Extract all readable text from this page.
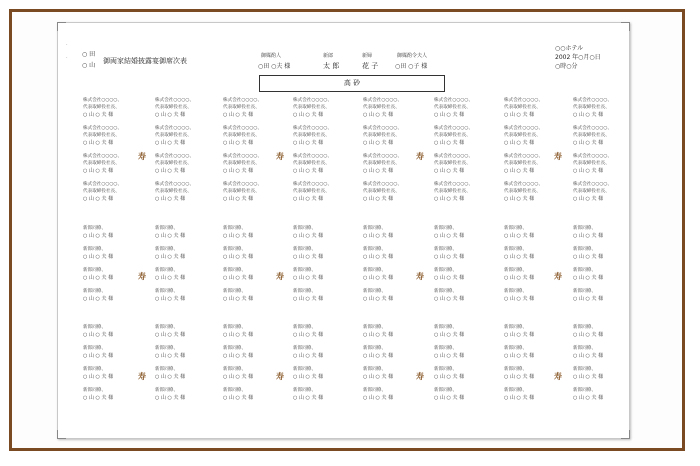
·
· ○ 田
○ 山
御両家結婚披露宴御席次表
御媒酌人
○田 ○夫 様
新郎
太 郎
新婦
花 子
御媒酌令夫人
○田 ○子 様
○○ホテル
2002 年○月○日
○時○分
高 砂
株式会社○○○○、
代表取締役社長、
○ 山 ○ 夫 様
株式会社○○○○、
代表取締役社長、
○ 山 ○ 夫 様
株式会社○○○○、
代表取締役社長、
○ 山 ○ 夫 様
株式会社○○○○、
代表取締役社長、
○ 山 ○ 夫 様
株式会社○○○○、
代表取締役社長、
○ 山 ○ 夫 様
株式会社○○○○、
代表取締役社長、
○ 山 ○ 夫 様
株式会社○○○○、
代表取締役社長、
○ 山 ○ 夫 様
株式会社○○○○、
代表取締役社長、
○ 山 ○ 夫 様
株式会社○○○○、
代表取締役社長、
○ 山 ○ 夫 様
株式会社○○○○、
代表取締役社長、
○ 山 ○ 夫 様
株式会社○○○○、
代表取締役社長、
○ 山 ○ 夫 様
株式会社○○○○、
代表取締役社長、
○ 山 ○ 夫 様
株式会社○○○○、
代表取締役社長、
○ 山 ○ 夫 様
株式会社○○○○、
代表取締役社長、
○ 山 ○ 夫 様
株式会社○○○○、
代表取締役社長、
○ 山 ○ 夫 様
株式会社○○○○、
代表取締役社長、
○ 山 ○ 夫 様
株式会社○○○○、
代表取締役社長、
○ 山 ○ 夫 様
株式会社○○○○、
代表取締役社長、
○ 山 ○ 夫 様
株式会社○○○○、
代表取締役社長、
○ 山 ○ 夫 様
株式会社○○○○、
代表取締役社長、
○ 山 ○ 夫 様
株式会社○○○○、
代表取締役社長、
○ 山 ○ 夫 様
株式会社○○○○、
代表取締役社長、
○ 山 ○ 夫 様
株式会社○○○○、
代表取締役社長、
○ 山 ○ 夫 様
株式会社○○○○、
代表取締役社長、
○ 山 ○ 夫 様
株式会社○○○○、
代表取締役社長、
○ 山 ○ 夫 様
株式会社○○○○、
代表取締役社長、
○ 山 ○ 夫 様
株式会社○○○○、
代表取締役社長、
○ 山 ○ 夫 様
株式会社○○○○、
代表取締役社長、
○ 山 ○ 夫 様
株式会社○○○○、
代表取締役社長、
○ 山 ○ 夫 様
株式会社○○○○、
代表取締役社長、
○ 山 ○ 夫 様
株式会社○○○○、
代表取締役社長、
○ 山 ○ 夫 様
株式会社○○○○、
代表取締役社長、
○ 山 ○ 夫 様
新郎同僚、
○ 山 ○ 夫 様
新郎同僚、
○ 山 ○ 夫 様
新郎同僚、
○ 山 ○ 夫 様
新郎同僚、
○ 山 ○ 夫 様
新郎同僚、
○ 山 ○ 夫 様
新郎同僚、
○ 山 ○ 夫 様
新郎同僚、
○ 山 ○ 夫 様
新郎同僚、
○ 山 ○ 夫 様
新郎同僚、
○ 山 ○ 夫 様
新郎同僚、
○ 山 ○ 夫 様
新郎同僚、
○ 山 ○ 夫 様
新郎同僚、
○ 山 ○ 夫 様
新郎同僚、
○ 山 ○ 夫 様
新郎同僚、
○ 山 ○ 夫 様
新郎同僚、
○ 山 ○ 夫 様
新郎同僚、
○ 山 ○ 夫 様
新郎同僚、
○ 山 ○ 夫 様
新郎同僚、
○ 山 ○ 夫 様
新郎同僚、
○ 山 ○ 夫 様
新郎同僚、
○ 山 ○ 夫 様
新郎同僚、
○ 山 ○ 夫 様
新郎同僚、
○ 山 ○ 夫 様
新郎同僚、
○ 山 ○ 夫 様
新郎同僚、
○ 山 ○ 夫 様
新郎同僚、
○ 山 ○ 夫 様
新郎同僚、
○ 山 ○ 夫 様
新郎同僚、
○ 山 ○ 夫 様
新郎同僚、
○ 山 ○ 夫 様
新郎同僚、
○ 山 ○ 夫 様
新郎同僚、
○ 山 ○ 夫 様
新郎同僚、
○ 山 ○ 夫 様
新郎同僚、
○ 山 ○ 夫 様
新郎同僚、
○ 山 ○ 夫 様
新郎同僚、
○ 山 ○ 夫 様
新郎同僚、
○ 山 ○ 夫 様
新郎同僚、
○ 山 ○ 夫 様
新郎同僚、
○ 山 ○ 夫 様
新郎同僚、
○ 山 ○ 夫 様
新郎同僚、
○ 山 ○ 夫 様
新郎同僚、
○ 山 ○ 夫 様
新郎同僚、
○ 山 ○ 夫 様
新郎同僚、
○ 山 ○ 夫 様
新郎同僚、
○ 山 ○ 夫 様
新郎同僚、
○ 山 ○ 夫 様
新郎同僚、
○ 山 ○ 夫 様
新郎同僚、
○ 山 ○ 夫 様
新郎同僚、
○ 山 ○ 夫 様
新郎同僚、
○ 山 ○ 夫 様
新郎同僚、
○ 山 ○ 夫 様
新郎同僚、
○ 山 ○ 夫 様
新郎同僚、
○ 山 ○ 夫 様
新郎同僚、
○ 山 ○ 夫 様
新郎同僚、
○ 山 ○ 夫 様
新郎同僚、
○ 山 ○ 夫 様
新郎同僚、
○ 山 ○ 夫 様
新郎同僚、
○ 山 ○ 夫 様
新郎同僚、
○ 山 ○ 夫 様
新郎同僚、
○ 山 ○ 夫 様
新郎同僚、
○ 山 ○ 夫 様
新郎同僚、
○ 山 ○ 夫 様
新郎同僚、
○ 山 ○ 夫 様
新郎同僚、
○ 山 ○ 夫 様
新郎同僚、
○ 山 ○ 夫 様
新郎同僚、
○ 山 ○ 夫 様
寿	寿	寿	寿
寿	寿	寿	寿
寿	寿	寿	寿
